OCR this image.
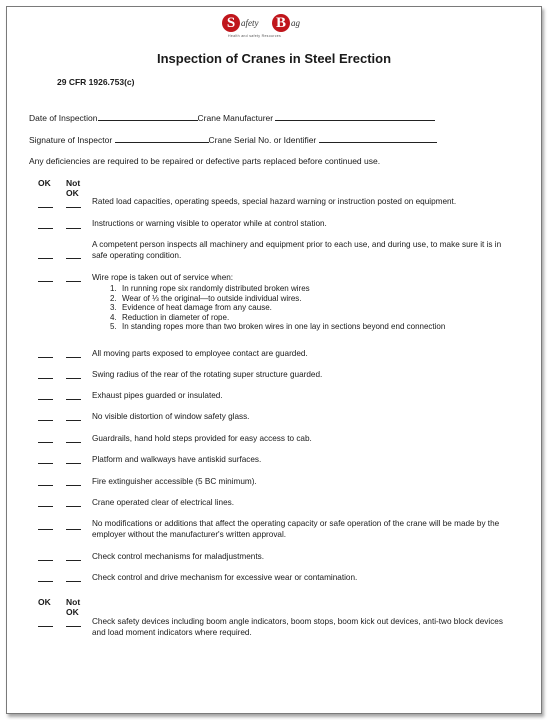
S afety B ag
Health and safety Resources
Inspection of Cranes in Steel Erection
29 CFR 1926.753(c)
Date of Inspection	Crane Manufacturer
Signature of Inspector	Crane Serial No. or Identifier
Any deficiencies are required to be repaired or defective parts replaced before continued use.
OK Not
OK
OK Not
OK
Rated load capacities, operating speeds, special hazard warning or instruction posted on equipment.
Instructions or warning visible to operator while at control station.
A competent person inspects all machinery and equipment prior to each use, and during use, to make sure it is in safe operating condition.
Wire rope is taken out of service when:
All moving parts exposed to employee contact are guarded.
Swing radius of the rear of the rotating super structure guarded.
Exhaust pipes guarded or insulated.
No visible distortion of window safety glass.
Guardrails, hand hold steps provided for easy access to cab.
Platform and walkways have antiskid surfaces.
Fire extinguisher accessible (5 BC minimum).
Crane operated clear of electrical lines.
No modifications or additions that affect the operating capacity or safe operation of the crane will be made by the employer without the manufacturer's written approval.
Check control mechanisms for maladjustments.
Check control and drive mechanism for excessive wear or contamination.
Check safety devices including boom angle indicators, boom stops, boom kick out devices, anti-two block devices and load moment indicators where required.
1. In running rope six randomly distributed broken wires
2. Wear of ⅓ the original—to outside individual wires.
3. Evidence of heat damage from any cause.
4. Reduction in diameter of rope.
5. In standing ropes more than two broken wires in one lay in sections beyond end connection
